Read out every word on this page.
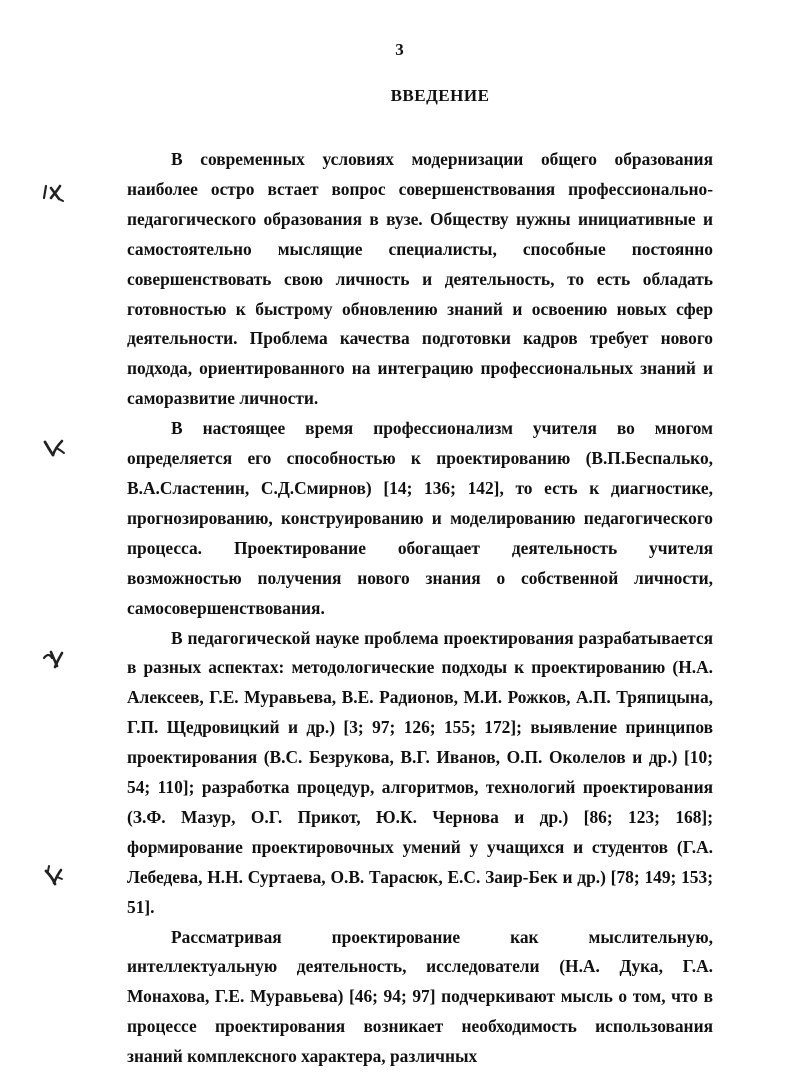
3
ВВЕДЕНИЕ

В современных условиях модернизации общего образования наиболее остро встает вопрос совершенствования профессионально-педагогического образования в вузе. Обществу нужны инициативные и самостоятельно мыслящие специалисты, способные постоянно совершенствовать свою личность и деятельность, то есть обладать готовностью к быстрому обновлению знаний и освоению новых сфер деятельности. Проблема качества подготовки кадров требует нового подхода, ориентированного на интеграцию профессиональных знаний и саморазвитие личности.

В настоящее время профессионализм учителя во многом определяется его способностью к проектированию (В.П.Беспалько, В.А.Сластенин, С.Д.Смирнов) [14; 136; 142], то есть к диагностике, прогнозированию, конструированию и моделированию педагогического процесса. Проектирование обогащает деятельность учителя возможностью получения нового знания о собственной личности, самосовершенствования.

В педагогической науке проблема проектирования разрабатывается в разных аспектах: методологические подходы к проектированию (Н.А. Алексеев, Г.Е. Муравьева, В.Е. Радионов, М.И. Рожков, А.П. Тряпицына, Г.П. Щедровицкий и др.) [3; 97; 126; 155; 172]; выявление принципов проектирования (В.С. Безрукова, В.Г. Иванов, О.П. Околелов и др.) [10; 54; 110]; разработка процедур, алгоритмов, технологий проектирования (З.Ф. Мазур, О.Г. Прикот, Ю.К. Чернова и др.) [86; 123; 168]; формирование проектировочных умений у учащихся и студентов (Г.А. Лебедева, Н.Н. Суртаева, О.В. Тарасюк, Е.С. Заир-Бек и др.) [78; 149; 153; 51].

Рассматривая проектирование как мыслительную, интеллектуальную деятельность, исследователи (Н.А. Дука, Г.А. Монахова, Г.Е. Муравьева) [46; 94; 97] подчеркивают мысль о том, что в процессе проектирования возникает необходимость использования знаний комплексного характера, различных
